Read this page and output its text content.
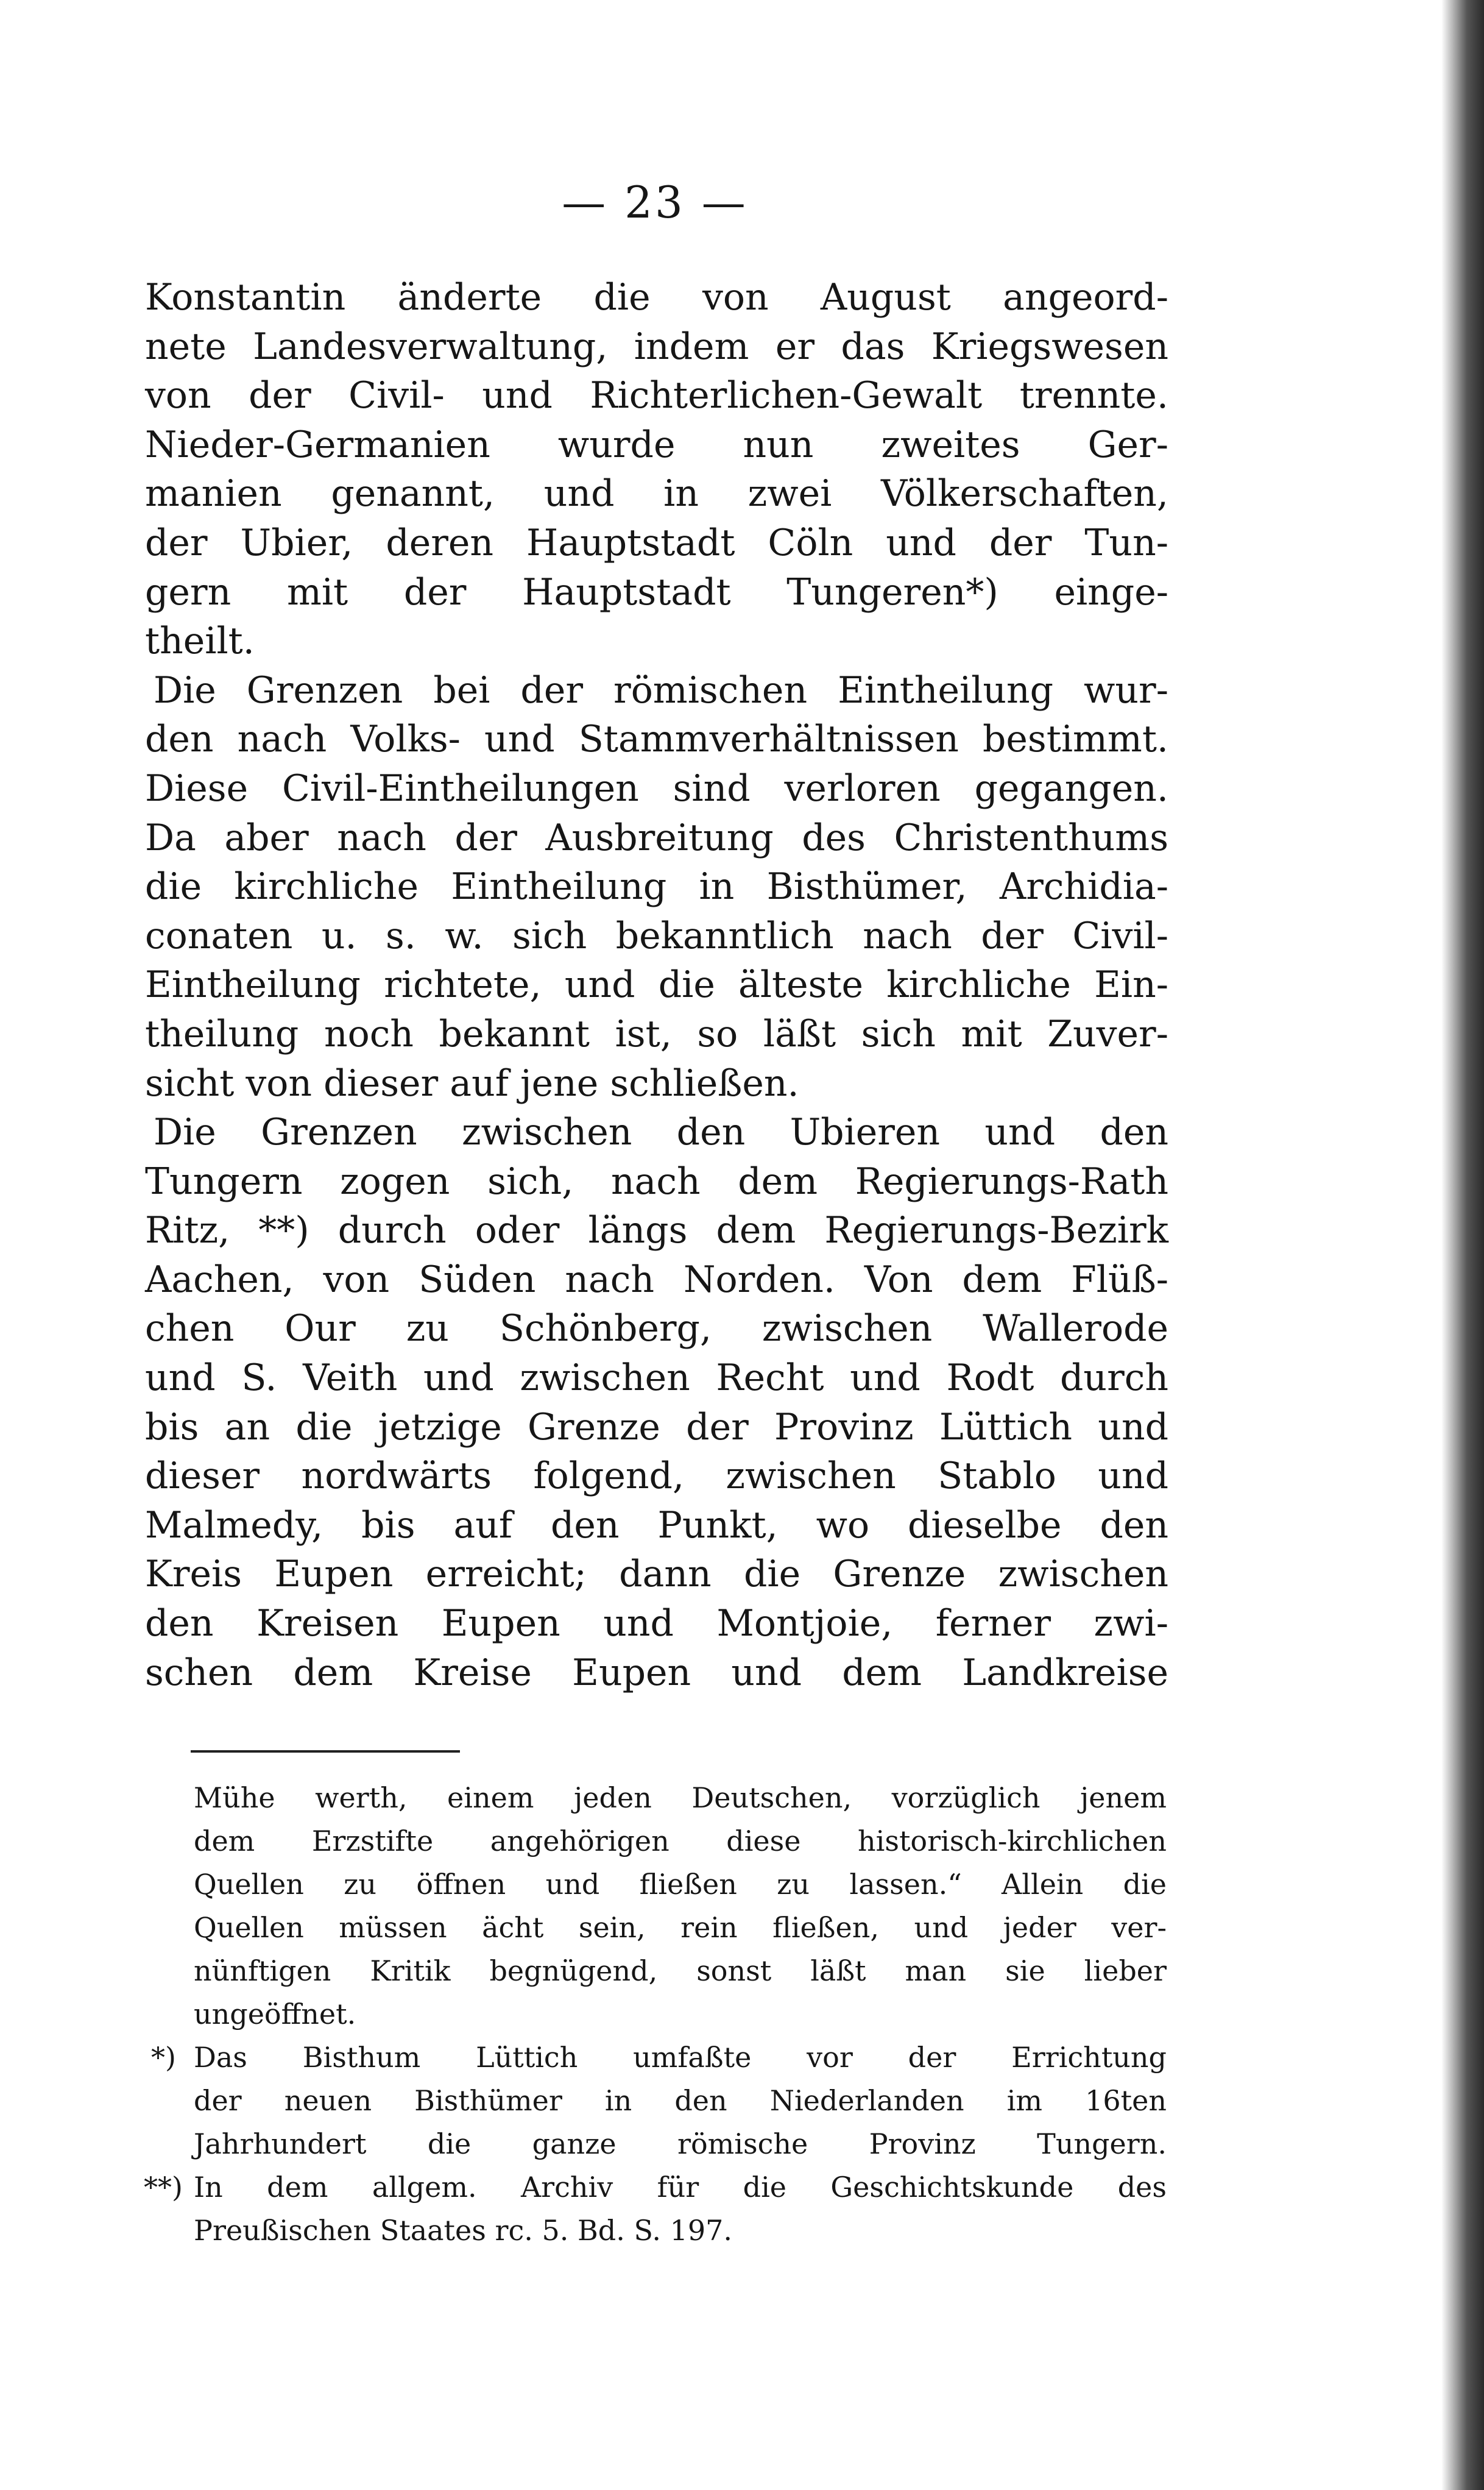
— 23 —
Konstantin änderte die von August angeord-
nete Landesverwaltung, indem er das Kriegswesen
von der Civil- und Richterlichen-Gewalt trennte.
Nieder-Germanien wurde nun zweites Ger-
manien genannt, und in zwei Völkerschaften,
der Ubier, deren Hauptstadt Cöln und der Tun-
gern mit der Hauptstadt Tungeren*) einge-
theilt.
Die Grenzen bei der römischen Eintheilung wur-
den nach Volks- und Stammverhältnissen bestimmt.
Diese Civil-Eintheilungen sind verloren gegangen.
Da aber nach der Ausbreitung des Christenthums
die kirchliche Eintheilung in Bisthümer, Archidia-
conaten u. s. w. sich bekanntlich nach der Civil-
Eintheilung richtete, und die älteste kirchliche Ein-
theilung noch bekannt ist, so läßt sich mit Zuver-
sicht von dieser auf jene schließen.
Die Grenzen zwischen den Ubieren und den
Tungern zogen sich, nach dem Regierungs-Rath
Ritz, **) durch oder längs dem Regierungs-Bezirk
Aachen, von Süden nach Norden. Von dem Flüß-
chen Our zu Schönberg, zwischen Wallerode
und S. Veith und zwischen Recht und Rodt durch
bis an die jetzige Grenze der Provinz Lüttich und
dieser nordwärts folgend, zwischen Stablo und
Malmedy, bis auf den Punkt, wo dieselbe den
Kreis Eupen erreicht; dann die Grenze zwischen
den Kreisen Eupen und Montjoie, ferner zwi-
schen dem Kreise Eupen und dem Landkreise
Mühe werth, einem jeden Deutschen, vorzüglich jenem
dem Erzstifte angehörigen diese historisch-kirchlichen
Quellen zu öffnen und fließen zu lassen.“ Allein die
Quellen müssen ächt sein, rein fließen, und jeder ver-
nünftigen Kritik begnügend, sonst läßt man sie lieber
ungeöffnet.
*) Das Bisthum Lüttich umfaßte vor der Errichtung
der neuen Bisthümer in den Niederlanden im 16ten
Jahrhundert die ganze römische Provinz Tungern.
**) In dem allgem. Archiv für die Geschichtskunde des
Preußischen Staates rc. 5. Bd. S. 197.
